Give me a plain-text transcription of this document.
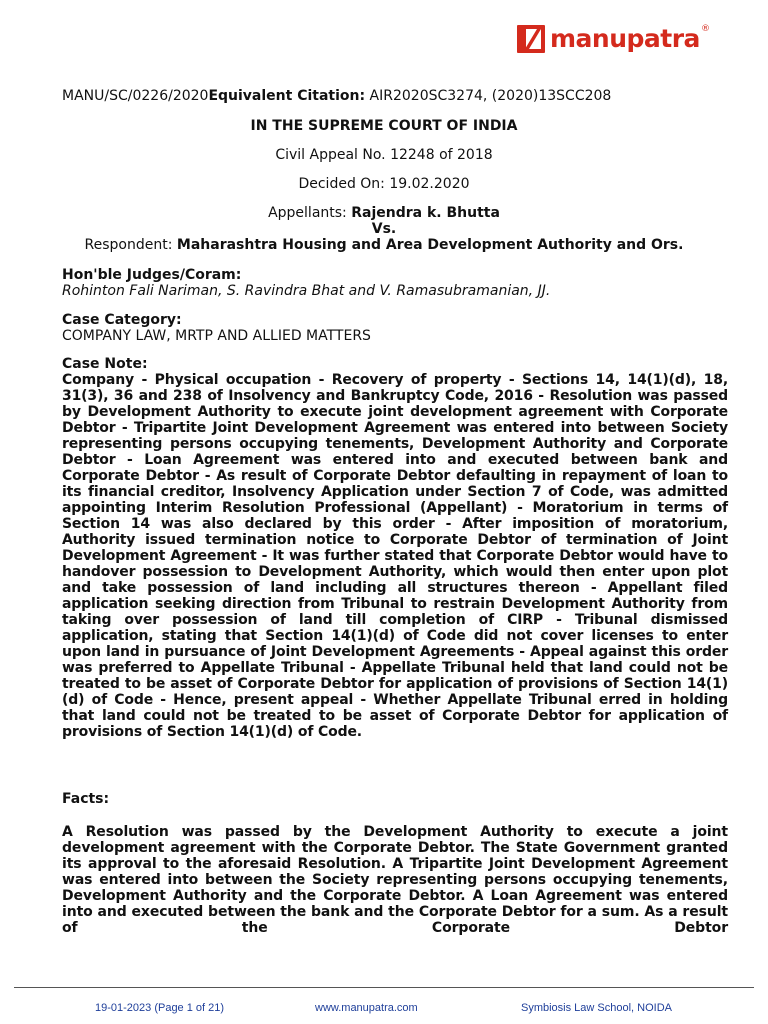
manupatra ®
MANU/SC/0226/2020Equivalent Citation: AIR2020SC3274, (2020)13SCC208
IN THE SUPREME COURT OF INDIA
Civil Appeal No. 12248 of 2018
Decided On: 19.02.2020
Appellants: Rajendra k. Bhutta
Vs.
Respondent: Maharashtra Housing and Area Development Authority and Ors.
Hon'ble Judges/Coram:
Rohinton Fali Nariman, S. Ravindra Bhat and V. Ramasubramanian, JJ.
Case Category:
COMPANY LAW, MRTP AND ALLIED MATTERS
Case Note:
Company - Physical occupation - Recovery of property - Sections 14, 14(1)(d), 18, 31(3), 36 and 238 of Insolvency and Bankruptcy Code, 2016 - Resolution was passed by Development Authority to execute joint development agreement with Corporate Debtor - Tripartite Joint Development Agreement was entered into between Society representing persons occupying tenements, Development Authority and Corporate Debtor - Loan Agreement was entered into and executed between bank and Corporate Debtor - As result of Corporate Debtor defaulting in repayment of loan to its financial creditor, Insolvency Application under Section 7 of Code, was admitted appointing Interim Resolution Professional (Appellant) - Moratorium in terms of Section 14 was also declared by this order - After imposition of moratorium, Authority issued termination notice to Corporate Debtor of termination of Joint Development Agreement - It was further stated that Corporate Debtor would have to handover possession to Development Authority, which would then enter upon plot and take possession of land including all structures thereon - Appellant filed application seeking direction from Tribunal to restrain Development Authority from taking over possession of land till completion of CIRP - Tribunal dismissed application, stating that Section 14(1)(d) of Code did not cover licenses to enter upon land in pursuance of Joint Development Agreements - Appeal against this order was preferred to Appellate Tribunal - Appellate Tribunal held that land could not be treated to be asset of Corporate Debtor for application of provisions of Section 14(1)(d) of Code - Hence, present appeal - Whether Appellate Tribunal erred in holding that land could not be treated to be asset of Corporate Debtor for application of provisions of Section 14(1)(d) of Code.
Facts:
A Resolution was passed by the Development Authority to execute a joint development agreement with the Corporate Debtor. The State Government granted its approval to the aforesaid Resolution. A Tripartite Joint Development Agreement was entered into between the Society representing persons occupying tenements, Development Authority and the Corporate Debtor. A Loan Agreement was entered into and executed between the bank and the Corporate Debtor for a sum. As a result of the Corporate Debtor
19-01-2023 (Page 1 of 21)	www.manupatra.com	Symbiosis Law School, NOIDA
